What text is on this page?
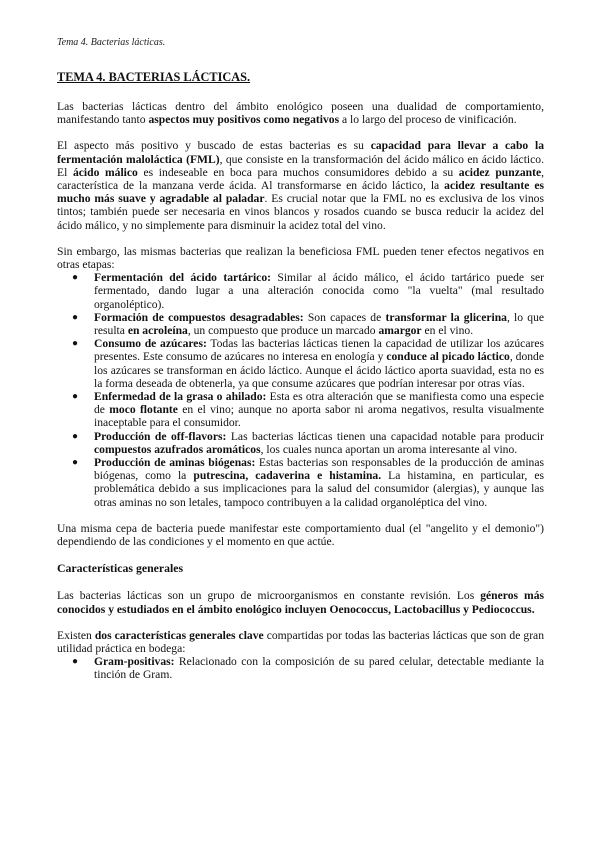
Tema 4. Bacterias lácticas.
TEMA 4. BACTERIAS LÁCTICAS.

Las bacterias lácticas dentro del ámbito enológico poseen una dualidad de comportamiento, manifestando tanto aspectos muy positivos como negativos a lo largo del proceso de vinificación.

El aspecto más positivo y buscado de estas bacterias es su capacidad para llevar a cabo la fermentación maloláctica (FML), que consiste en la transformación del ácido málico en ácido láctico. El ácido málico es indeseable en boca para muchos consumidores debido a su acidez punzante, característica de la manzana verde ácida. Al transformarse en ácido láctico, la acidez resultante es mucho más suave y agradable al paladar. Es crucial notar que la FML no es exclusiva de los vinos tintos; también puede ser necesaria en vinos blancos y rosados cuando se busca reducir la acidez del ácido málico, y no simplemente para disminuir la acidez total del vino.

Sin embargo, las mismas bacterias que realizan la beneficiosa FML pueden tener efectos negativos en otras etapas:

● Fermentación del ácido tartárico: Similar al ácido málico, el ácido tartárico puede ser fermentado, dando lugar a una alteración conocida como "la vuelta" (mal resultado organoléptico).
● Formación de compuestos desagradables: Son capaces de transformar la glicerina, lo que resulta en acroleína, un compuesto que produce un marcado amargor en el vino.
● Consumo de azúcares: Todas las bacterias lácticas tienen la capacidad de utilizar los azúcares presentes. Este consumo de azúcares no interesa en enología y conduce al picado láctico, donde los azúcares se transforman en ácido láctico. Aunque el ácido láctico aporta suavidad, esta no es la forma deseada de obtenerla, ya que consume azúcares que podrían interesar por otras vías.
● Enfermedad de la grasa o ahilado: Esta es otra alteración que se manifiesta como una especie de moco flotante en el vino; aunque no aporta sabor ni aroma negativos, resulta visualmente inaceptable para el consumidor.
● Producción de off-flavors: Las bacterias lácticas tienen una capacidad notable para producir compuestos azufrados aromáticos, los cuales nunca aportan un aroma interesante al vino.
● Producción de aminas biógenas: Estas bacterias son responsables de la producción de aminas biógenas, como la putrescina, cadaverina e histamina. La histamina, en particular, es problemática debido a sus implicaciones para la salud del consumidor (alergias), y aunque las otras aminas no son letales, tampoco contribuyen a la calidad organoléptica del vino.

Una misma cepa de bacteria puede manifestar este comportamiento dual (el "angelito y el demonio") dependiendo de las condiciones y el momento en que actúe.

Características generales

Las bacterias lácticas son un grupo de microorganismos en constante revisión. Los géneros más conocidos y estudiados en el ámbito enológico incluyen Oenococcus, Lactobacillus y Pediococcus.

Existen dos características generales clave compartidas por todas las bacterias lácticas que son de gran utilidad práctica en bodega:

● Gram-positivas: Relacionado con la composición de su pared celular, detectable mediante la tinción de Gram.
